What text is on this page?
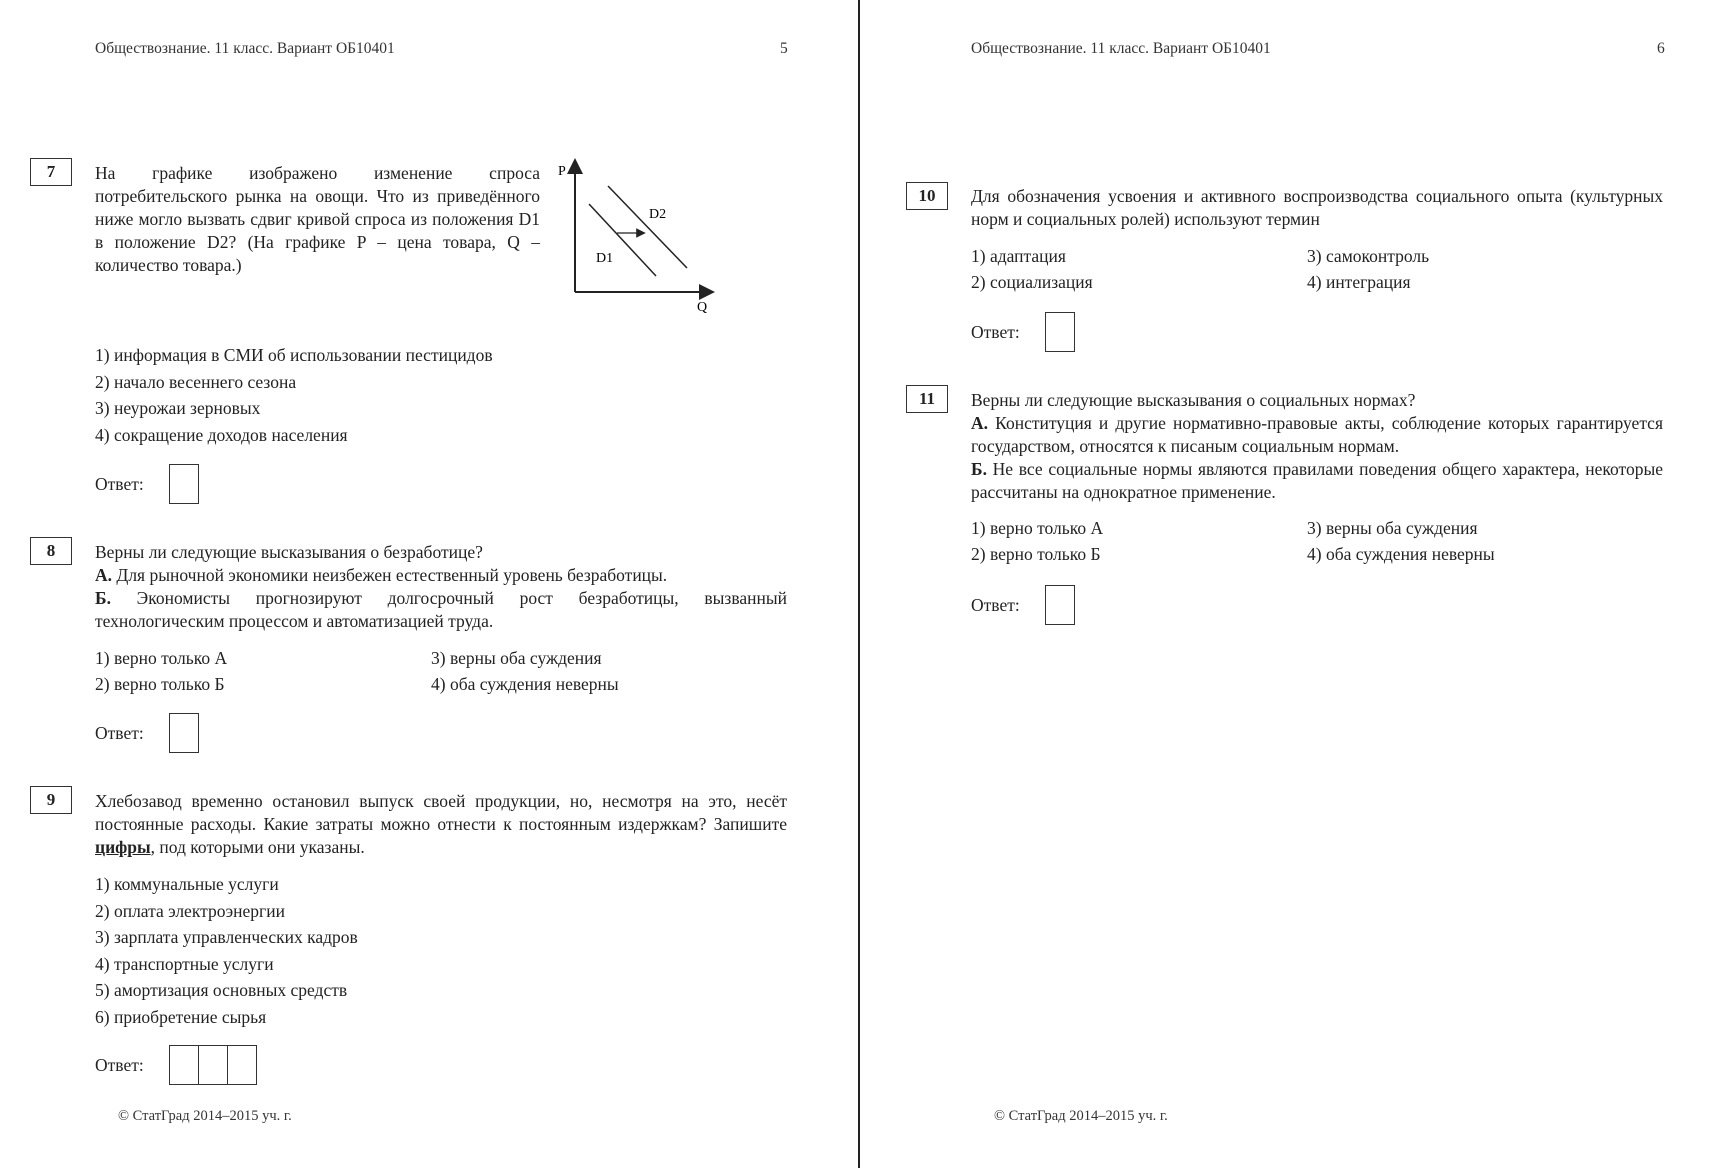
Обществознание. 11 класс. Вариант ОБ10401	5
7	На графике изображено изменение спроса потребительского рынка на овощи. Что из приведённого ниже могло вызвать сдвиг кривой спроса из положения D1 в положение D2? (На графике P – цена товара, Q – количество товара.)
P
Q
D1
D2
1) информация в СМИ об использовании пестицидов
2) начало весеннего сезона
3) неурожаи зерновых
4) сокращение доходов населения
Ответ:
8	Верны ли следующие высказывания о безработице?

А. Для рыночной экономики неизбежен естественный уровень безработицы.

Б. Экономисты прогнозируют долгосрочный рост безработицы, вызванный технологическим процессом и автоматизацией труда.

1) верно только А	3) верны оба суждения
2) верно только Б	4) оба суждения неверны
Ответ:
9	Хлебозавод временно остановил выпуск своей продукции, но, несмотря на это, несёт постоянные расходы. Какие затраты можно отнести к постоянным издержкам? Запишите цифры, под которыми они указаны.
1) коммунальные услуги
2) оплата электроэнергии
3) зарплата управленческих кадров
4) транспортные услуги
5) амортизация основных средств
6) приобретение сырья
Ответ:
© СтатГрад 2014–2015 уч. г.
Обществознание. 11 класс. Вариант ОБ10401	6
10	Для обозначения усвоения и активного воспроизводства социального опыта (культурных норм и социальных ролей) используют термин
1) адаптация	3) самоконтроль
2) социализация	4) интеграция
Ответ:
11	Верны ли следующие высказывания о социальных нормах?

А. Конституция и другие нормативно-правовые акты, соблюдение которых гарантируется государством, относятся к писаным социальным нормам.

Б. Не все социальные нормы являются правилами поведения общего характера, некоторые рассчитаны на однократное применение.

1) верно только А	3) верны оба суждения
2) верно только Б	4) оба суждения неверны
Ответ:
© СтатГрад 2014–2015 уч. г.
